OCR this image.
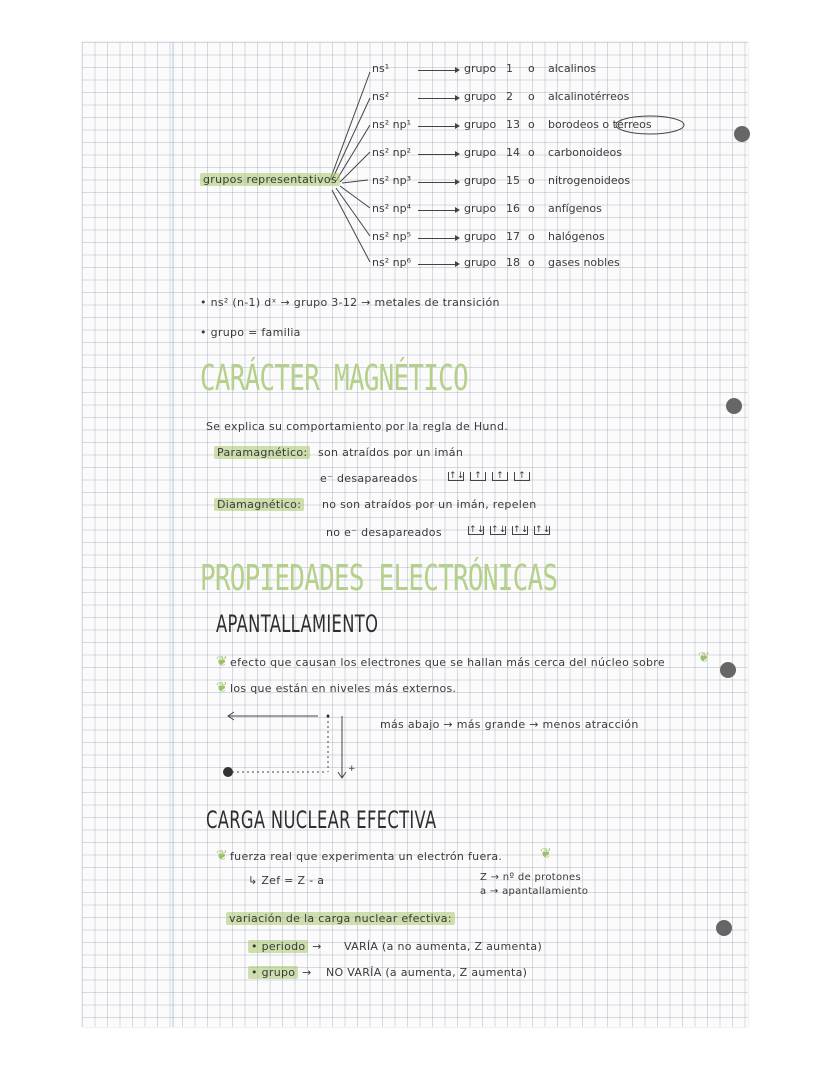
grupos representativos
ns¹	grupo 1 o alcalinos
ns²	grupo 2 o alcalinotérreos
ns² np¹	grupo 13 o borodeos o térreos
ns² np²	grupo 14 o carbonoideos
ns² np³	grupo 15 o nitrogenoideos
ns² np⁴	grupo 16 o anfígenos
ns² np⁵	grupo 17 o halógenos
ns² np⁶	grupo 18 o gases nobles
• ns² (n-1) dˣ → grupo 3-12 → metales de transición
• grupo = familia
CARÁCTER MAGNÉTICO
Se explica su comportamiento por la regla de Hund.
Paramagnético: son atraídos por un imán
e⁻ desapareados	↑↓ ↑ ↑ ↑
Diamagnético: no son atraídos por un imán, repelen
no e⁻ desapareados	↑↓ ↑↓ ↑↓ ↑↓
PROPIEDADES ELECTRÓNICAS
APANTALLAMIENTO
❦ efecto que causan los electrones que se hallan más cerca del núcleo sobre ❦
❦ los que están en niveles más externos.
más abajo → más grande → menos atracción
+
CARGA NUCLEAR EFECTIVA
❦ fuerza real que experimenta un electrón fuera.	❦
↳ Zef = Z - a	Z → nº de protones
a → apantallamiento
variación de la carga nuclear efectiva:
• periodo → VARÍA (a no aumenta, Z aumenta)
• grupo → NO VARÍA (a aumenta, Z aumenta)
